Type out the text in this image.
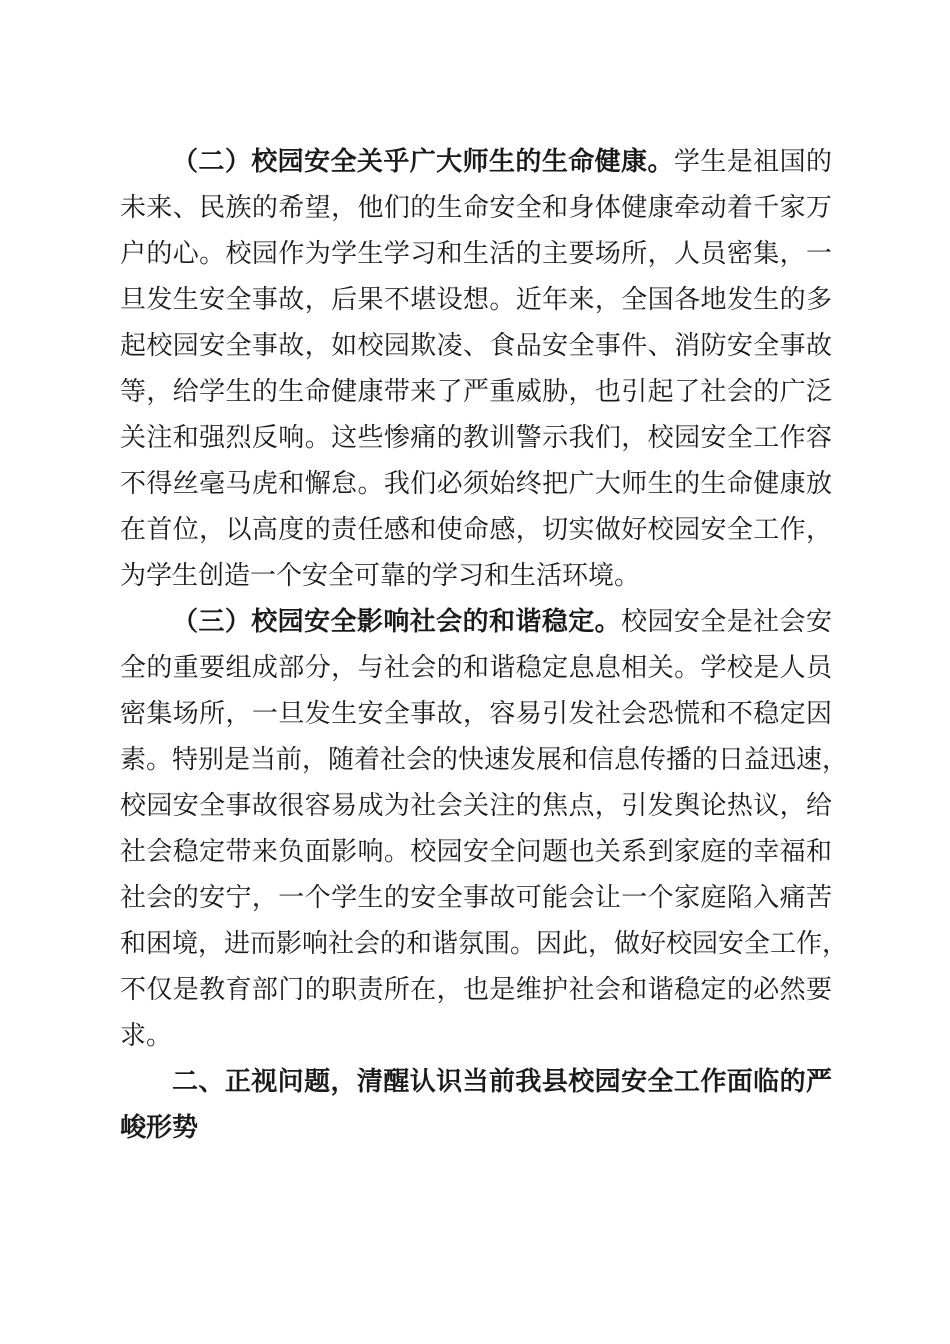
（二）校园安全关乎广大师生的生命健康。学生是祖国的
未来、民族的希望，他们的生命安全和身体健康牵动着千家万
户的心。校园作为学生学习和生活的主要场所，人员密集，一
旦发生安全事故，后果不堪设想。近年来，全国各地发生的多
起校园安全事故，如校园欺凌、食品安全事件、消防安全事故
等，给学生的生命健康带来了严重威胁，也引起了社会的广泛
关注和强烈反响。这些惨痛的教训警示我们，校园安全工作容
不得丝毫马虎和懈怠。我们必须始终把广大师生的生命健康放
在首位，以高度的责任感和使命感，切实做好校园安全工作，
为学生创造一个安全可靠的学习和生活环境。
（三）校园安全影响社会的和谐稳定。校园安全是社会安
全的重要组成部分，与社会的和谐稳定息息相关。学校是人员
密集场所，一旦发生安全事故，容易引发社会恐慌和不稳定因
素。特别是当前，随着社会的快速发展和信息传播的日益迅速，
校园安全事故很容易成为社会关注的焦点，引发舆论热议，给
社会稳定带来负面影响。校园安全问题也关系到家庭的幸福和
社会的安宁，一个学生的安全事故可能会让一个家庭陷入痛苦
和困境，进而影响社会的和谐氛围。因此，做好校园安全工作，
不仅是教育部门的职责所在，也是维护社会和谐稳定的必然要
求。
二、正视问题，清醒认识当前我县校园安全工作面临的严
峻形势
